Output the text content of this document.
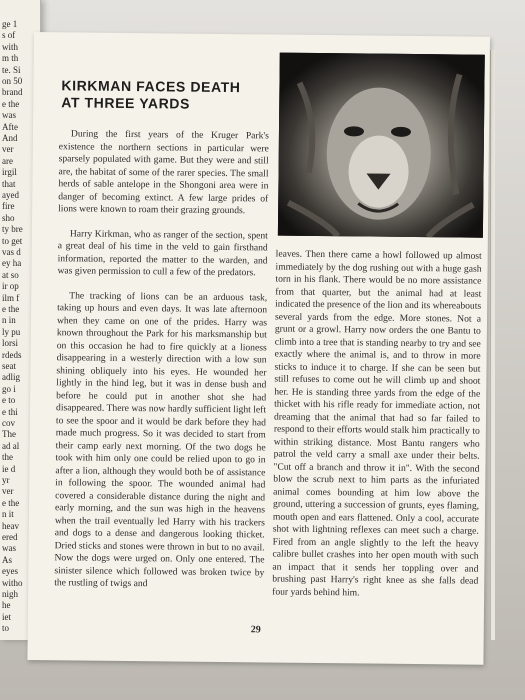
ge 1
s of
with
m th
te. Si
on 50
brand
e the
was
Afte
And
ver
are
irgil
that
ayed
fire
sho
ty bre
to get
vas d
ey ha
at so
ir op
ilm f
e the
n in
ly pu
lorsi
rdeds
seat
adlig
go i
e to
e thi
cov
The
ad al
the
ie d
yr
ver
e the
n it
heav
ered
was
As
eyes
witho
nigh
he
iet
to
KIRKMAN FACES DEATH AT THREE YARDS

During the first years of the Kruger Park's existence the northern sections in particular were sparsely populated with game. But they were and still are, the habitat of some of the rarer species. The small herds of sable antelope in the Shongoni area were in danger of becoming extinct. A few large prides of lions were known to roam their grazing grounds.

Harry Kirkman, who as ranger of the section, spent a great deal of his time in the veld to gain firsthand information, reported the matter to the warden, and was given permission to cull a few of the predators.

The tracking of lions can be an arduous task, taking up hours and even days. It was late afternoon when they came on one of the prides. Harry was known throughout the Park for his marksmanship but on this occasion he had to fire quickly at a lioness disappearing in a westerly direction with a low sun shining obliquely into his eyes. He wounded her lightly in the hind leg, but it was in dense bush and before he could put in another shot she had disappeared. There was now hardly sufficient light left to see the spoor and it would be dark before they had made much progress. So it was decided to start from their camp early next morning. Of the two dogs he took with him only one could be relied upon to go in after a lion, although they would both be of assistance in following the spoor. The wounded animal had covered a considerable distance during the night and early morning, and the sun was high in the heavens when the trail eventually led Harry with his trackers and dogs to a dense and dangerous looking thicket. Dried sticks and stones were thrown in but to no avail. Now the dogs were urged on. Only one entered. The sinister silence which followed was broken twice by the rustling of twigs and

leaves. Then there came a howl followed up almost immediately by the dog rushing out with a huge gash torn in his flank. There would be no more assistance from that quarter, but the animal had at least indicated the presence of the lion and its whereabouts several yards from the edge. More stones. Not a grunt or a growl. Harry now orders the one Bantu to climb into a tree that is standing nearby to try and see exactly where the animal is, and to throw in more sticks to induce it to charge. If she can be seen but still refuses to come out he will climb up and shoot her. He is standing three yards from the edge of the thicket with his rifle ready for immediate action, not dreaming that the animal that had so far failed to respond to their efforts would stalk him practically to within striking distance. Most Bantu rangers who patrol the veld carry a small axe under their belts. "Cut off a branch and throw it in". With the second blow the scrub next to him parts as the infuriated animal comes bounding at him low above the ground, uttering a succession of grunts, eyes flaming, mouth open and ears flattened. Only a cool, accurate shot with lightning reflexes can meet such a charge. Fired from an angle slightly to the left the heavy calibre bullet crashes into her open mouth with such an impact that it sends her toppling over and brushing past Harry's right knee as she falls dead four yards behind him.

29
